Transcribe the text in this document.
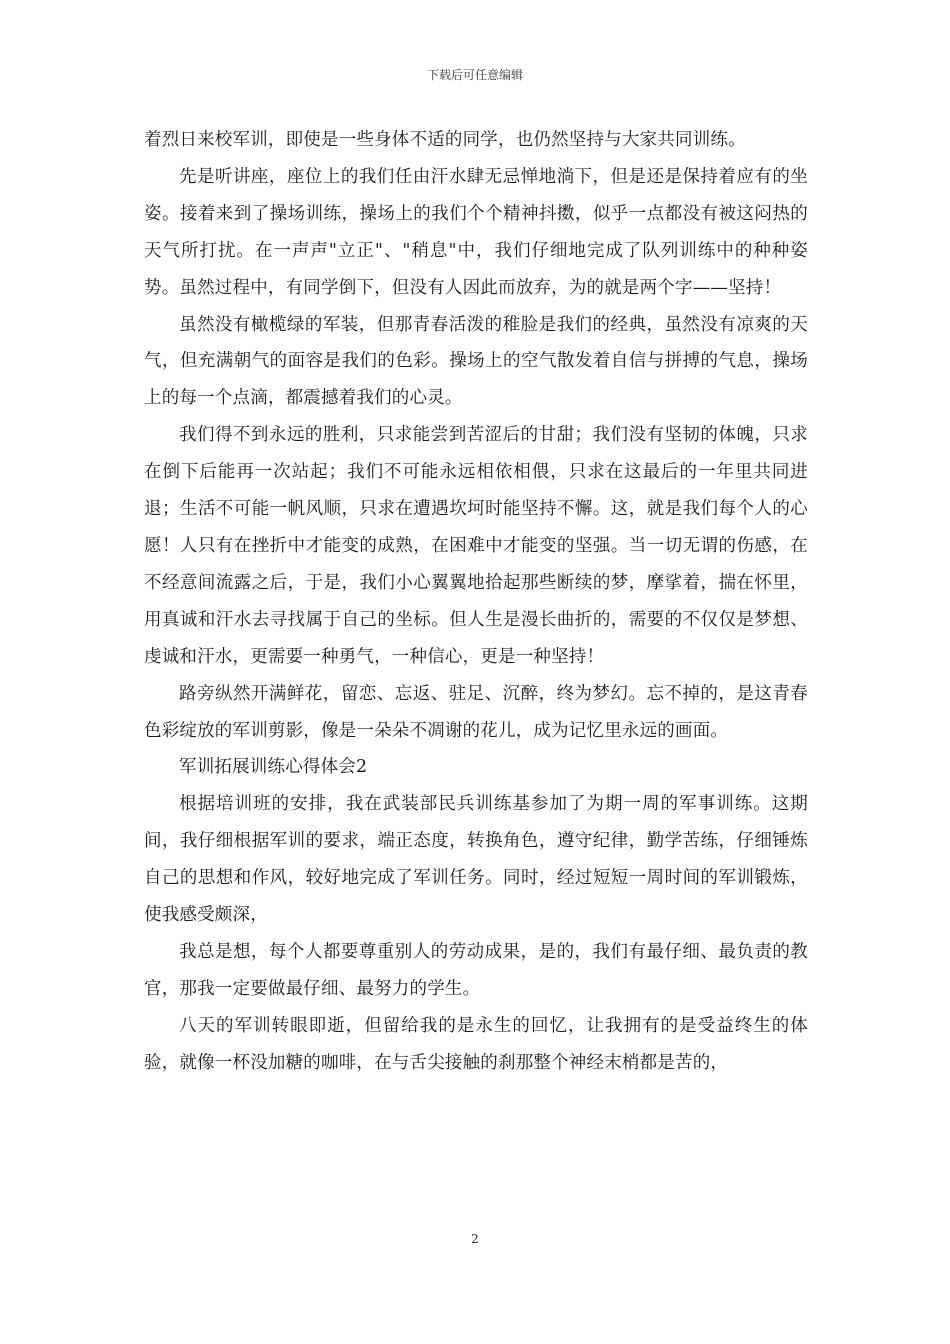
下载后可任意编辑

着烈日来校军训，即使是一些身体不适的同学，也仍然坚持与大家共同训练。

先是听讲座，座位上的我们任由汗水肆无忌惮地淌下，但是还是保持着应有的坐姿。接着来到了操场训练，操场上的我们个个精神抖擞，似乎一点都没有被这闷热的天气所打扰。在一声声"立正"、"稍息"中，我们仔细地完成了队列训练中的种种姿势。虽然过程中，有同学倒下，但没有人因此而放弃，为的就是两个字——坚持！

虽然没有橄榄绿的军装，但那青春活泼的稚脸是我们的经典，虽然没有凉爽的天气，但充满朝气的面容是我们的色彩。操场上的空气散发着自信与拼搏的气息，操场上的每一个点滴，都震撼着我们的心灵。

我们得不到永远的胜利，只求能尝到苦涩后的甘甜；我们没有坚韧的体魄，只求在倒下后能再一次站起；我们不可能永远相依相偎，只求在这最后的一年里共同进退；生活不可能一帆风顺，只求在遭遇坎坷时能坚持不懈。这，就是我们每个人的心愿！人只有在挫折中才能变的成熟，在困难中才能变的坚强。当一切无谓的伤感，在不经意间流露之后，于是，我们小心翼翼地拾起那些断续的梦，摩挲着，揣在怀里，用真诚和汗水去寻找属于自己的坐标。但人生是漫长曲折的，需要的不仅仅是梦想、虔诚和汗水，更需要一种勇气，一种信心，更是一种坚持！

路旁纵然开满鲜花，留恋、忘返、驻足、沉醉，终为梦幻。忘不掉的，是这青春色彩绽放的军训剪影，像是一朵朵不凋谢的花儿，成为记忆里永远的画面。

军训拓展训练心得体会2

根据培训班的安排，我在武装部民兵训练基参加了为期一周的军事训练。这期间，我仔细根据军训的要求，端正态度，转换角色，遵守纪律，勤学苦练，仔细锤炼自己的思想和作风，较好地完成了军训任务。同时，经过短短一周时间的军训锻炼，使我感受颇深，

我总是想，每个人都要尊重别人的劳动成果，是的，我们有最仔细、最负责的教官，那我一定要做最仔细、最努力的学生。

八天的军训转眼即逝，但留给我的是永生的回忆，让我拥有的是受益终生的体验，就像一杯没加糖的咖啡，在与舌尖接触的刹那整个神经末梢都是苦的，

2
